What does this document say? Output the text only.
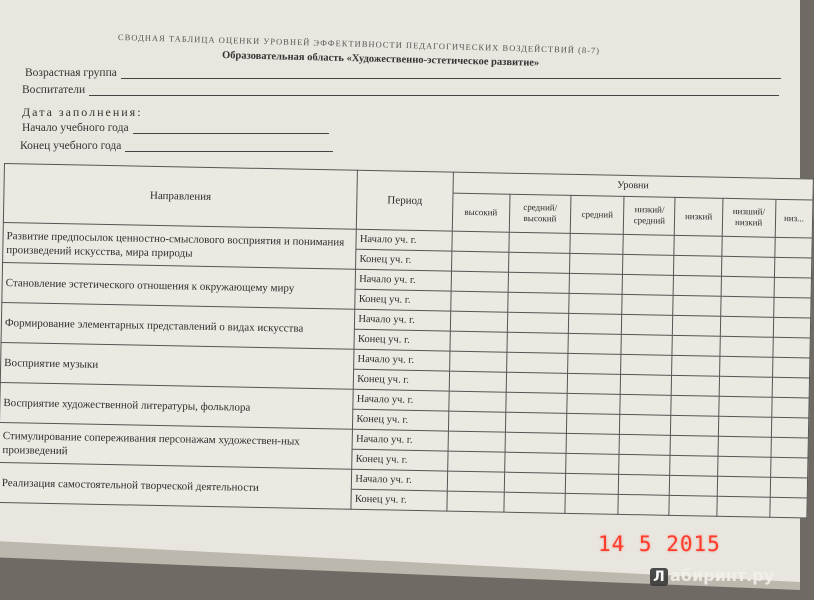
СВОДНАЯ ТАБЛИЦА ОЦЕНКИ УРОВНЕЙ ЭФФЕКТИВНОСТИ ПЕДАГОГИЧЕСКИХ ВОЗДЕЙСТВИЙ (8-7)
Образовательная область «Художественно-эстетическое развитие»
Возрастная группа
Воспитатели
Дата заполнения:
Начало учебного года
Конец учебного года
Направления	Период	Уровни						
		высокий	средний/ высокий	средний	низкий/ средний	низкий	низший/ низкий	низ...
Развитие предпосылок ценностно-смыслового восприятия и понимания произведений искусства, мира природы	Начало уч. г.							
	Конец уч. г.							
Становление эстетического отношения к окружающему миру	Начало уч. г.							
	Конец уч. г.							
Формирование элементарных представлений о видах искусства	Начало уч. г.							
	Конец уч. г.							
Восприятие музыки	Начало уч. г.							
	Конец уч. г.							
Восприятие художественной литературы, фольклора	Начало уч. г.							
	Конец уч. г.							
Стимулирование сопереживания персонажам художествен-ных произведений	Начало уч. г.							
	Конец уч. г.							
Реализация самостоятельной творческой деятельности	Начало уч. г.							
	Конец уч. г.							
14 5 2015
Л абиринт.ру
